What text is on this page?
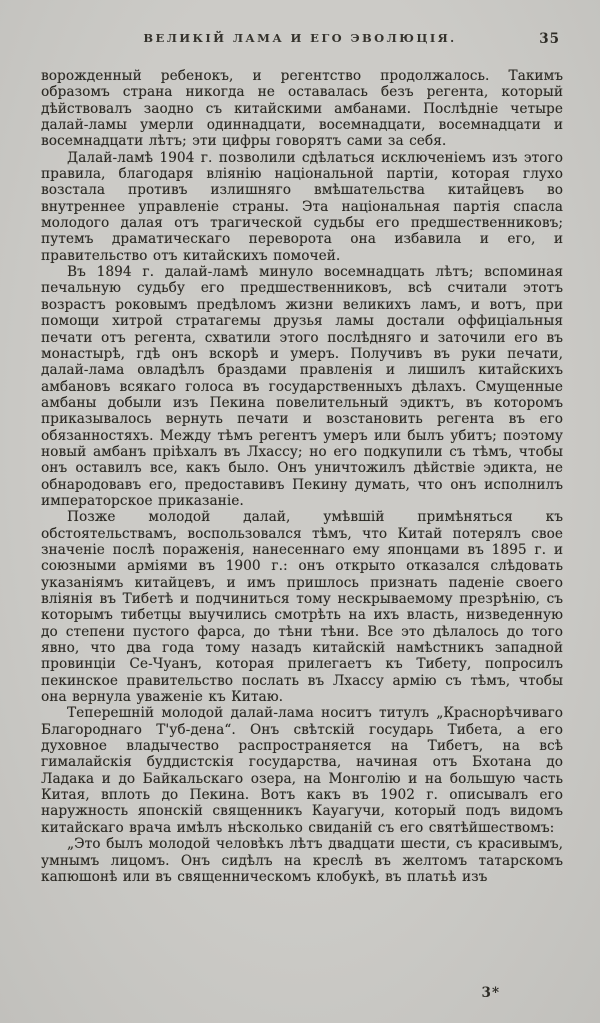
ВЕЛИКІЙ ЛАМА И ЕГО ЭВОЛЮЦІЯ.	35

ворожденный ребенокъ, и регентство продолжалось. Такимъ образомъ страна никогда не оставалась безъ регента, который дѣйствовалъ заодно съ китайскими амбанами. Послѣдніе четыре далай-ламы умерли одиннадцати, восемнадцати, восемнадцати и восемнадцати лѣтъ; эти цифры говорятъ сами за себя.

Далай-ламѣ 1904 г. позволили сдѣлаться исключеніемъ изъ этого правила, благодаря вліянію національной партіи, которая глухо возстала противъ излишняго вмѣшательства китайцевъ во внутреннее управленіе страны. Эта національная партія спасла молодого далая отъ трагической судьбы его предшественниковъ; путемъ драматическаго переворота она избавила и его, и правительство отъ китайскихъ помочей.

Въ 1894 г. далай-ламѣ минуло восемнадцать лѣтъ; вспоминая печальную судьбу его предшественниковъ, всѣ считали этотъ возрастъ роковымъ предѣломъ жизни великихъ ламъ, и вотъ, при помощи хитрой стратагемы друзья ламы достали оффиціальныя печати отъ регента, схватили этого послѣдняго и заточили его въ монастырѣ, гдѣ онъ вскорѣ и умеръ. Получивъ въ руки печати, далай-лама овладѣлъ браздами правленія и лишилъ китайскихъ амбановъ всякаго голоса въ государственныхъ дѣлахъ. Смущенные амбаны добыли изъ Пекина повелительный эдиктъ, въ которомъ приказывалось вернуть печати и возстановить регента въ его обязанностяхъ. Между тѣмъ регентъ умеръ или былъ убитъ; поэтому новый амбанъ пріѣхалъ въ Лхассу; но его подкупили съ тѣмъ, чтобы онъ оставилъ все, какъ было. Онъ уничтожилъ дѣйствіе эдикта, не обнародовавъ его, предоставивъ Пекину думать, что онъ исполнилъ императорское приказаніе.

Позже молодой далай, умѣвшій примѣняться къ обстоятельствамъ, воспользовался тѣмъ, что Китай потерялъ свое значеніе послѣ пораженія, нанесеннаго ему японцами въ 1895 г. и союзными арміями въ 1900 г.: онъ открыто отказался слѣдовать указаніямъ китайцевъ, и имъ пришлось признать паденіе своего вліянія въ Тибетѣ и подчиниться тому нескрываемому презрѣнію, съ которымъ тибетцы выучились смотрѣть на ихъ власть, низведенную до степени пустого фарса, до тѣни тѣни. Все это дѣлалось до того явно, что два года тому назадъ китайскій намѣстникъ западной провинціи Се-Чуанъ, которая прилегаетъ къ Тибету, попросилъ пекинское правительство послать въ Лхассу армію съ тѣмъ, чтобы она вернула уваженіе къ Китаю.

Теперешній молодой далай-лама носитъ титулъ „Краснорѣчиваго Благороднаго Т'уб-дена“. Онъ свѣтскій государь Тибета, а его духовное владычество распространяется на Тибетъ, на всѣ гималайскія буддистскія государства, начиная отъ Бхотана до Ладака и до Байкальскаго озера, на Монголію и на большую часть Китая, вплоть до Пекина. Вотъ какъ въ 1902 г. описывалъ его наружность японскій священникъ Кауагучи, который подъ видомъ китайскаго врача имѣлъ нѣсколько свиданій съ его святѣйшествомъ:

„Это былъ молодой человѣкъ лѣтъ двадцати шести, съ красивымъ, умнымъ лицомъ. Онъ сидѣлъ на креслѣ въ желтомъ татарскомъ капюшонѣ или въ священническомъ клобукѣ, въ платьѣ изъ

3*
